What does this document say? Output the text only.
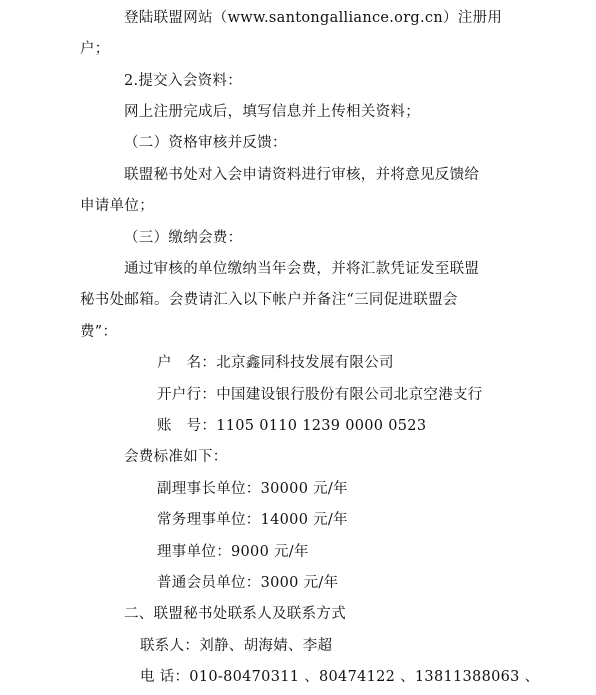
登陆联盟网站（www.santongalliance.org.cn）注册用
户；
2.提交入会资料：
网上注册完成后，填写信息并上传相关资料；
（二）资格审核并反馈：
联盟秘书处对入会申请资料进行审核，并将意见反馈给
申请单位；
（三）缴纳会费：
通过审核的单位缴纳当年会费，并将汇款凭证发至联盟
秘书处邮箱。会费请汇入以下帐户并备注“三同促进联盟会
费”：
户　名：北京鑫同科技发展有限公司
开户行：中国建设银行股份有限公司北京空港支行
账　号：1105 0110 1239 0000 0523
会费标准如下：
副理事长单位：30000 元/年
常务理事单位：14000 元/年
理事单位：9000 元/年
普通会员单位：3000 元/年
二、联盟秘书处联系人及联系方式
联系人：刘静、胡海婧、李超
电 话：010-80470311 、80474122 、13811388063 、
